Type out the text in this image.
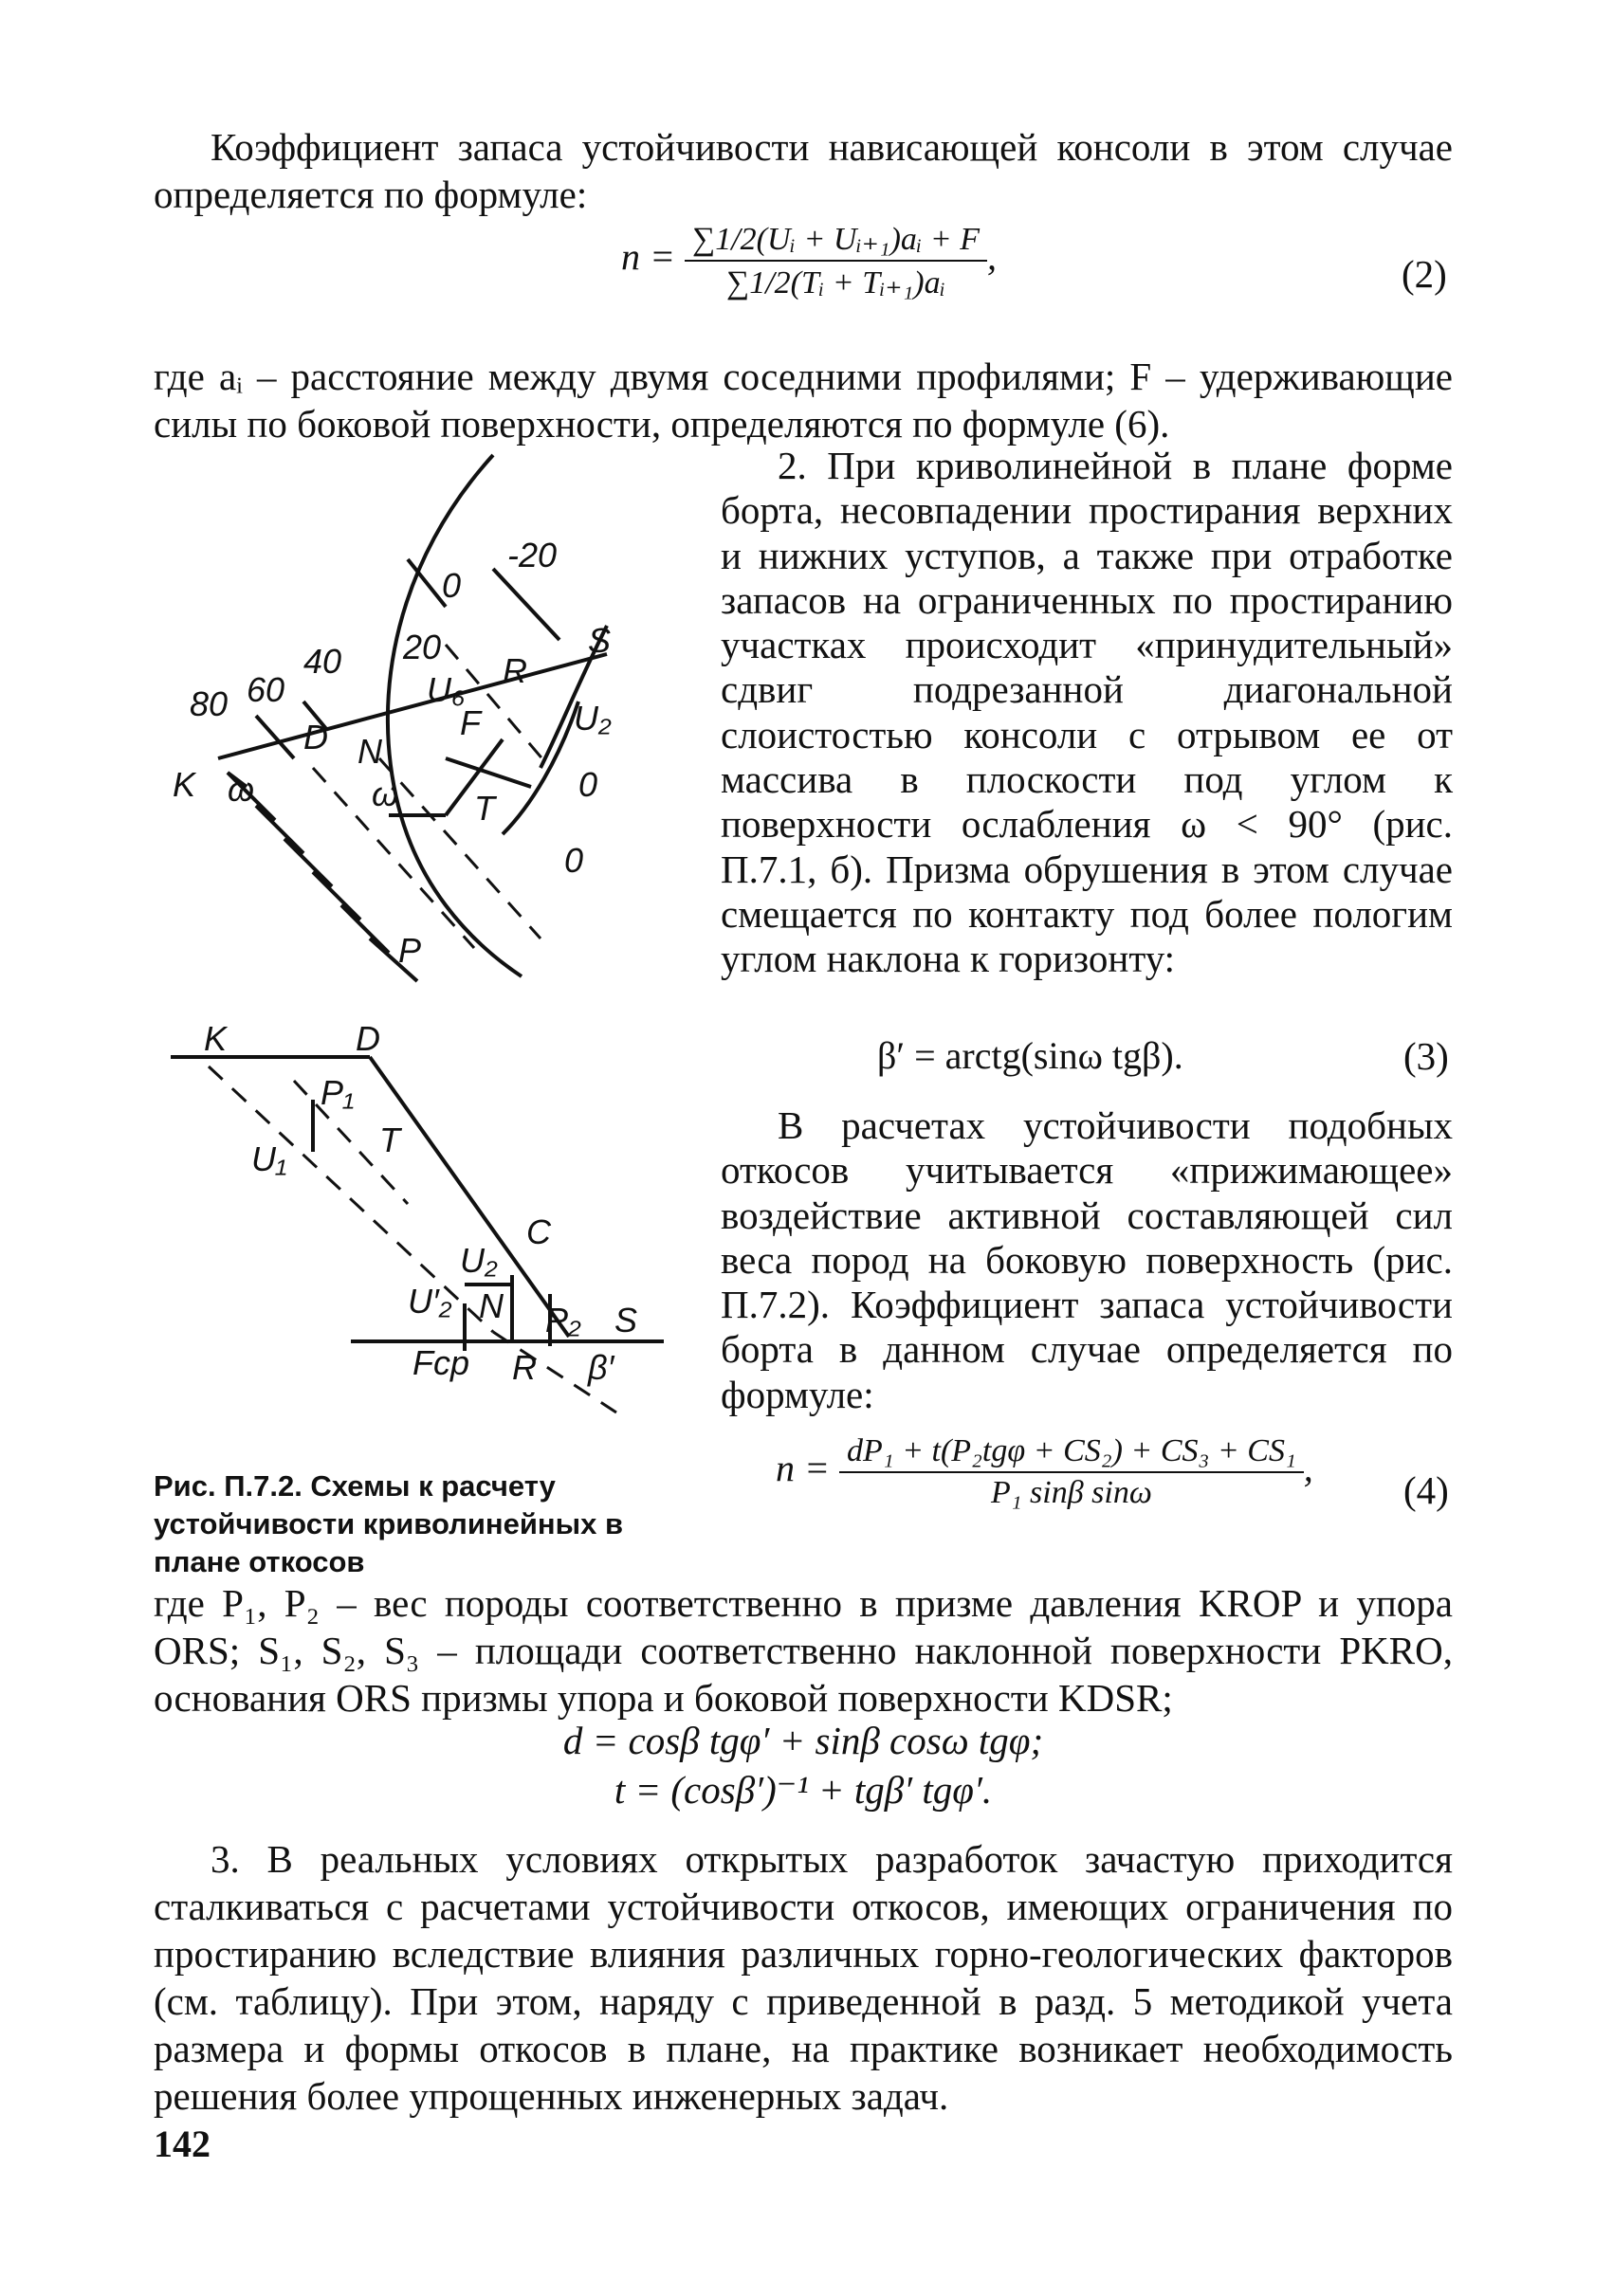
Коэффициент запаса устойчивости нависающей консоли в этом случае определяется по формуле:
$n = \frac{\text{∑1/2(Uᵢ + Uᵢ₊₁)aᵢ + F}}{\text{∑1/2(Tᵢ + Tᵢ₊₁)aᵢ}}$ ,	(2)
где aᵢ – расстояние между двумя соседними профилями; F – удерживающие силы по боковой поверхности, определяются по формуле (6).
2. При криволинейной в плане форме борта, несовпадении простирания верхних и нижних уступов, а также при отработке запасов на ограниченных по простиранию участках происходит «принудительный» сдвиг подрезанной диагональной слоистостью консоли с отрывом ее от массива в плоскости под углом к поверхности ослабления ω < 90° (рис. П.7.1, б). Призма обрушения в этом случае смещается по контакту под более пологим углом наклона к горизонту:
β′ = arctg(sinω tgβ).	(3)
В расчетах устойчивости подобных откосов учитывается «прижимающее» воздействие активной составляющей сил веса пород на боковую поверхность (рис. П.7.2). Коэффициент запаса устойчивости борта в данном случае определяется по формуле:
$n = \frac{\text{dP₁ + t(P₂tgφ + CS₂) + CS₃ + CS₁}}{\text{P₁ sinβ sinω}}$ ,
(4)
-20
0
20
40
60
80
S
R
U₆
U₂
D N
F
K ω	ω T
0
0
P
K	D
P₁
U₁	T
C
U₂
U′₂ N P₂ S
Fcp R β′
Рис. П.7.2. Схемы к расчету устойчивости криволинейных в плане откосов
где P₁, P₂ – вес породы соответственно в призме давления KROP и упора ORS; S₁, S₂, S₃ – площади соответственно наклонной поверхности PKRO, основания ORS призмы упора и боковой поверхности KDSR;
d = cosβ tgφ′ + sinβ cosω tgφ;
t = (cosβ′)⁻¹ + tgβ′ tgφ′.
3. В реальных условиях открытых разработок зачастую приходится сталкиваться с расчетами устойчивости откосов, имеющих ограничения по простиранию вследствие влияния различных горно-геологических факторов (см. таблицу). При этом, наряду с приведенной в разд. 5 методикой учета размера и формы откосов в плане, на практике возникает необходимость решения более упрощенных инженерных задач.
142
